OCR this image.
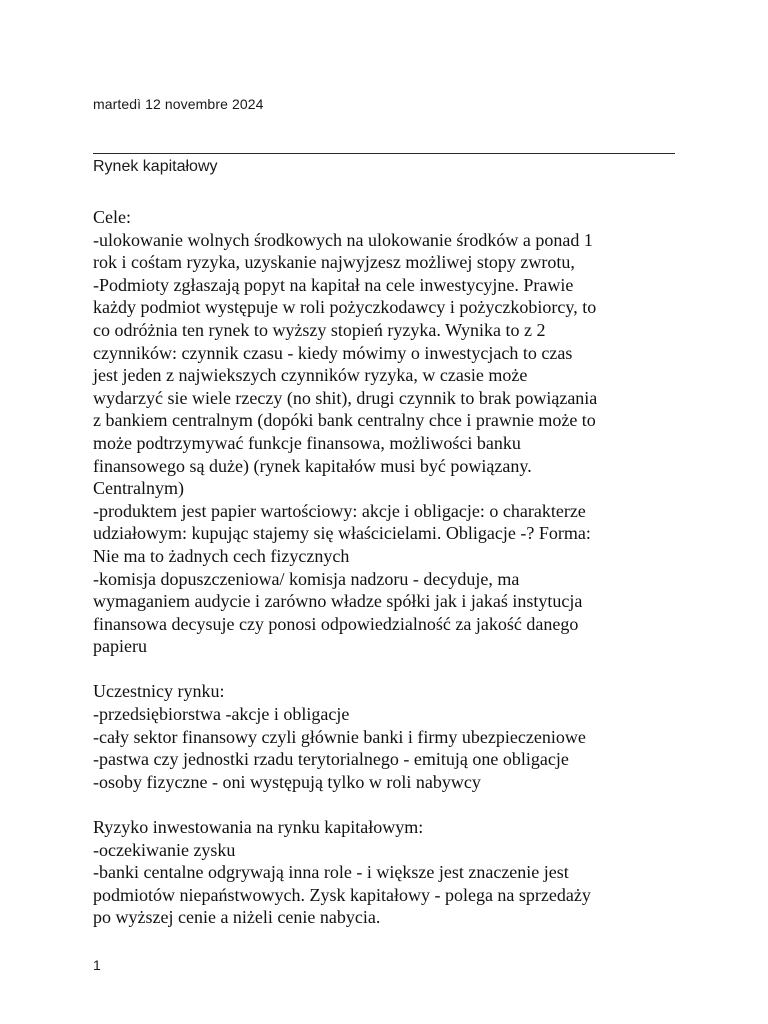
martedì 12 novembre 2024
Rynek kapitałowy
Cele:
-ulokowanie wolnych środkowych na ulokowanie środków a ponad 1
rok i cośtam ryzyka, uzyskanie najwyjzesz możliwej stopy zwrotu,
-Podmioty zgłaszają popyt na kapitał na cele inwestycyjne. Prawie
każdy podmiot występuje w roli pożyczkodawcy i pożyczkobiorcy, to
co odróżnia ten rynek to wyższy stopień ryzyka. Wynika to z 2
czynników: czynnik czasu - kiedy mówimy o inwestycjach to czas
jest jeden z najwiekszych czynników ryzyka, w czasie może
wydarzyć sie wiele rzeczy (no shit), drugi czynnik to brak powiązania
z bankiem centralnym (dopóki bank centralny chce i prawnie może to
może podtrzymywać funkcje finansowa, możliwości banku
finansowego są duże) (rynek kapitałów musi być powiązany.
Centralnym)
-produktem jest papier wartościowy: akcje i obligacje: o charakterze
udziałowym: kupując stajemy się właścicielami. Obligacje -? Forma:
Nie ma to żadnych cech fizycznych
-komisja dopuszczeniowa/ komisja nadzoru - decyduje, ma
wymaganiem audycie i zarówno władze spółki jak i jakaś instytucja
finansowa decysuje czy ponosi odpowiedzialność za jakość danego
papieru
Uczestnicy rynku:
-przedsiębiorstwa -akcje i obligacje
-cały sektor finansowy czyli głównie banki i firmy ubezpieczeniowe
-pastwa czy jednostki rzadu terytorialnego - emitują one obligacje
-osoby fizyczne - oni występują tylko w roli nabywcy
Ryzyko inwestowania na rynku kapitałowym:
-oczekiwanie zysku
-banki centalne odgrywają inna role - i większe jest znaczenie jest
podmiotów niepaństwowych. Zysk kapitałowy - polega na sprzedaży
po wyższej cenie a niżeli cenie nabycia.
1
